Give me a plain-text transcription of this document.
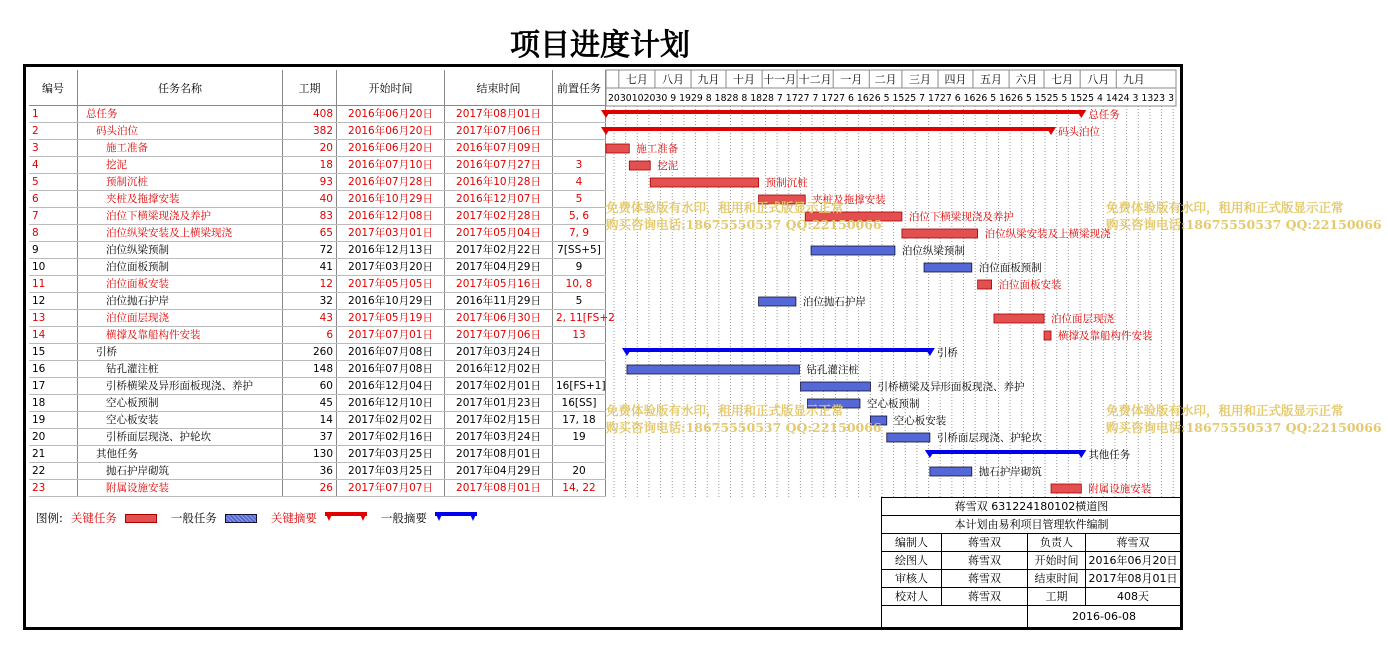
项目进度计划
编号	任务名称	工期	开始时间	结束时间	前置任务
1	总任务	408	2016年06月20日	2017年08月01日
2	码头泊位	382	2016年06月20日	2017年07月06日
3	施工准备	20	2016年06月20日	2016年07月09日
4	挖泥	18	2016年07月10日	2016年07月27日	3
5	预制沉桩	93	2016年07月28日	2016年10月28日	4
6	夹桩及拖撑安装	40	2016年10月29日	2016年12月07日	5
7	泊位下横梁现浇及养护	83	2016年12月08日	2017年02月28日	5, 6
8	泊位纵梁安装及上横梁现浇	65	2017年03月01日	2017年05月04日	7, 9
9	泊位纵梁预制	72	2016年12月13日	2017年02月22日	7[SS+5]
10	泊位面板预制	41	2017年03月20日	2017年04月29日	9
11	泊位面板安装	12	2017年05月05日	2017年05月16日	10, 8
12	泊位抛石护岸	32	2016年10月29日	2016年11月29日	5
13	泊位面层现浇	43	2017年05月19日	2017年06月30日	2, 11[FS+2
14	横撑及靠船构件安装	6	2017年07月01日	2017年07月06日	13
15	引桥	260	2016年07月08日	2017年03月24日
16	钻孔灌注桩	148	2016年07月08日	2016年12月02日
17	引桥横梁及异形面板现浇、养护	60	2016年12月04日	2017年02月01日	16[FS+1]
18	空心板预制	45	2016年12月10日	2017年01月23日	16[SS]
19	空心板安装	14	2017年02月02日	2017年02月15日	17, 18
20	引桥面层现浇、护轮坎	37	2017年02月16日	2017年03月24日	19
21	其他任务	130	2017年03月25日	2017年08月01日
22	抛石护岸砌筑	36	2017年03月25日	2017年04月29日	20
23	附属设施安装	26	2017年07月07日	2017年08月01日	14, 22
七月 八月 九月 十月 十一月 十二月 一月 二月 三月 四月 五月 六月 七月 八月 九月
2030102030 9 1929 8 1828 8 1828 7 1727 7 1727 6 1626 5 1525 7 1727 6 1626 5 1626 5 1525 5 1525 4 1424 3 1323 3
总任务
码头泊位
施工准备
挖泥
预制沉桩
夹桩及拖撑安装
泊位下横梁现浇及养护
泊位纵梁安装及上横梁现浇
泊位纵梁预制
泊位面板预制
泊位面板安装
泊位抛石护岸
泊位面层现浇
横撑及靠船构件安装
引桥
钻孔灌注桩
引桥横梁及异形面板现浇、养护
空心板预制
空心板安装
引桥面层现浇、护轮坎
其他任务
抛石护岸砌筑
附属设施安装
免费体验版有水印，租用和正式版显示正常
购买咨询电话:18675550537 QQ:22150066
免费体验版有水印，租用和正式版显示正常
购买咨询电话:18675550537 QQ:22150066
免费体验版有水印，租用和正式版显示正常
购买咨询电话:18675550537 QQ:22150066
免费体验版有水印，租用和正式版显示正常
购买咨询电话:18675550537 QQ:22150066
图例: 关键任务	一般任务	关键摘要	一般摘要
蒋雪双 631224180102横道图
本计划由易利项目管理软件编制
编制人	蒋雪双	负责人	蒋雪双
绘图人	蒋雪双	开始时间 2016年06月20日
审核人	蒋雪双	结束时间 2017年08月01日
校对人	蒋雪双	工期	408天
2016-06-08
